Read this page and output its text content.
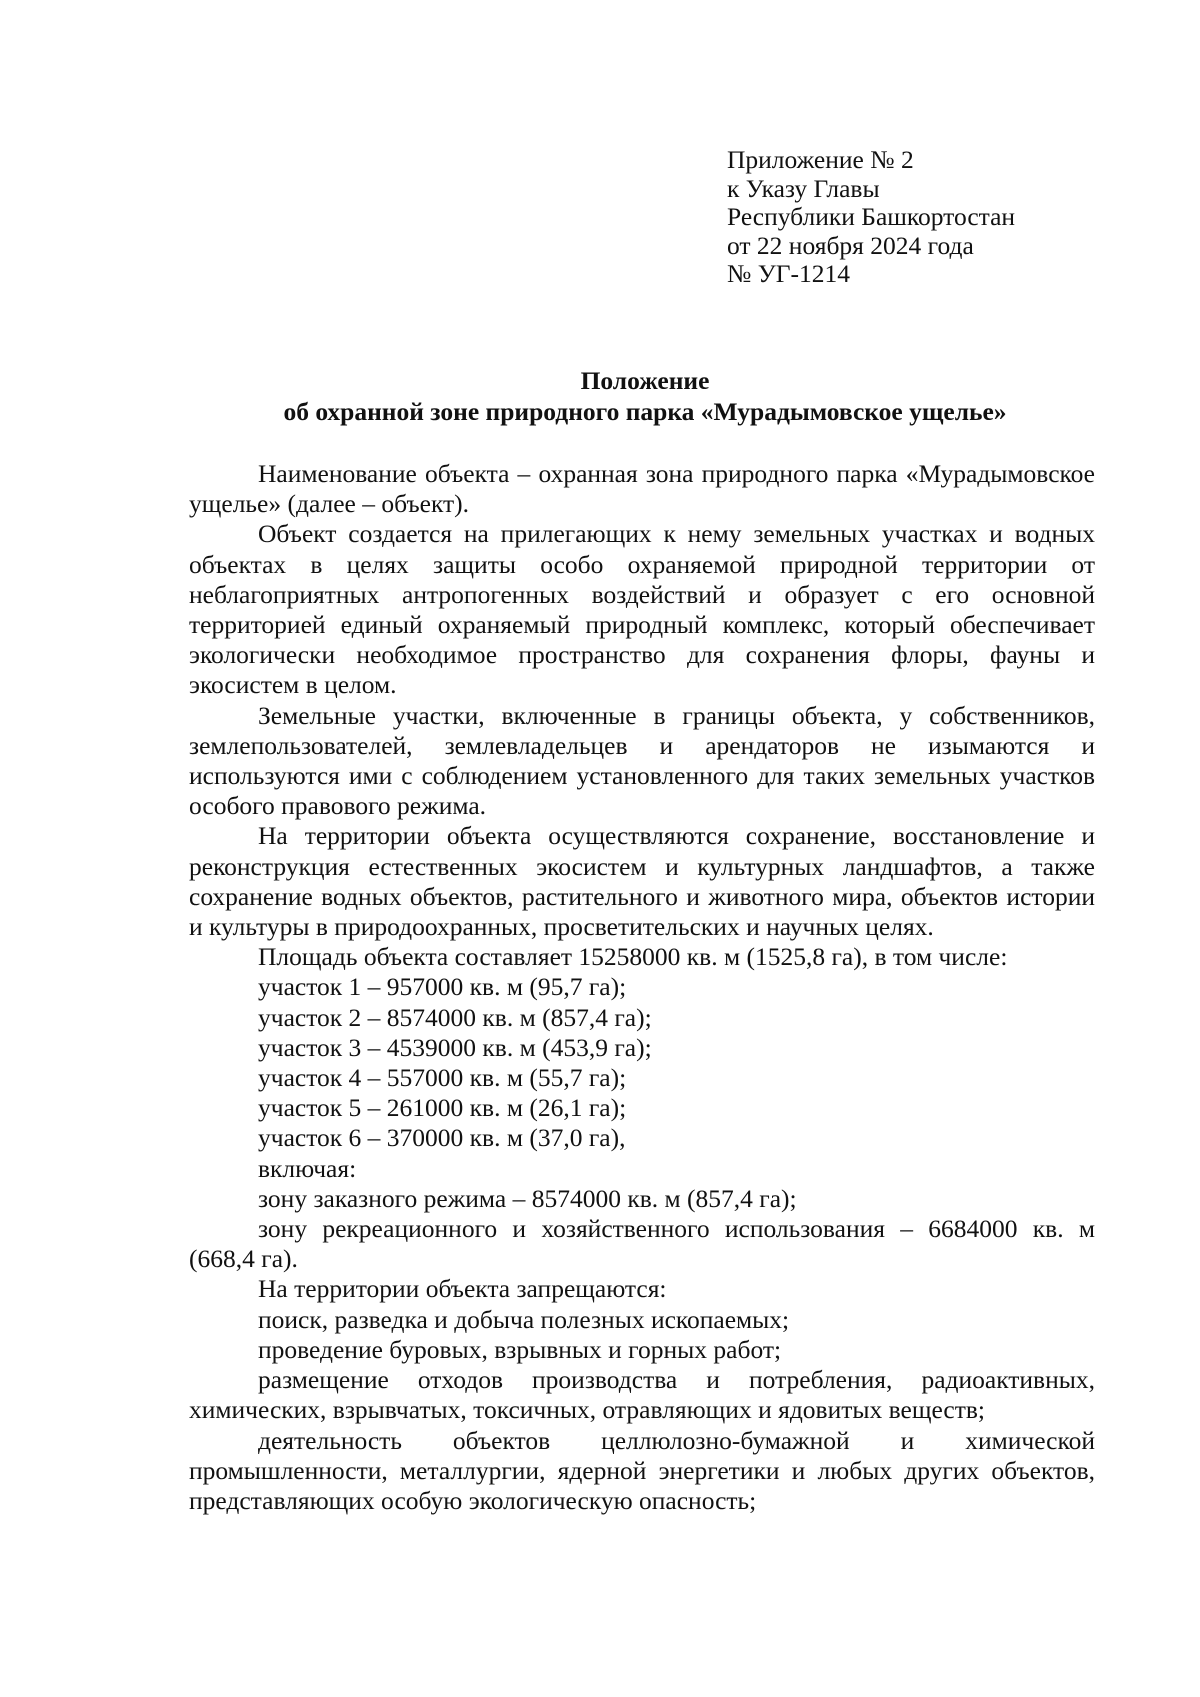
Приложение № 2
к Указу Главы
Республики Башкортостан
от 22 ноября 2024 года
№ УГ-1214
Положение
об охранной зоне природного парка «Мурадымовское ущелье»

Наименование объекта – охранная зона природного парка «Мурадымовское ущелье» (далее – объект).

Объект создается на прилегающих к нему земельных участках и водных объектах в целях защиты особо охраняемой природной территории от неблагоприятных антропогенных воздействий и образует с его основной территорией единый охраняемый природный комплекс, который обеспечивает экологически необходимое пространство для сохранения флоры, фауны и экосистем в целом.

Земельные участки, включенные в границы объекта, у собственников, землепользователей, землевладельцев и арендаторов не изымаются и используются ими с соблюдением установленного для таких земельных участков особого правового режима.

На территории объекта осуществляются сохранение, восстановление и реконструкция естественных экосистем и культурных ландшафтов, а также сохранение водных объектов, растительного и животного мира, объектов истории и культуры в природоохранных, просветительских и научных целях.

Площадь объекта составляет 15258000 кв. м (1525,8 га), в том числе:

участок 1 – 957000 кв. м (95,7 га);

участок 2 – 8574000 кв. м (857,4 га);

участок 3 – 4539000 кв. м (453,9 га);

участок 4 – 557000 кв. м (55,7 га);

участок 5 – 261000 кв. м (26,1 га);

участок 6 – 370000 кв. м (37,0 га),

включая:

зону заказного режима – 8574000 кв. м (857,4 га);

зону рекреационного и хозяйственного использования – 6684000 кв. м (668,4 га).

На территории объекта запрещаются:

поиск, разведка и добыча полезных ископаемых;

проведение буровых, взрывных и горных работ;

размещение отходов производства и потребления, радиоактивных, химических, взрывчатых, токсичных, отравляющих и ядовитых веществ;

деятельность объектов целлюлозно-бумажной и химической промышленности, металлургии, ядерной энергетики и любых других объектов, представляющих особую экологическую опасность;
